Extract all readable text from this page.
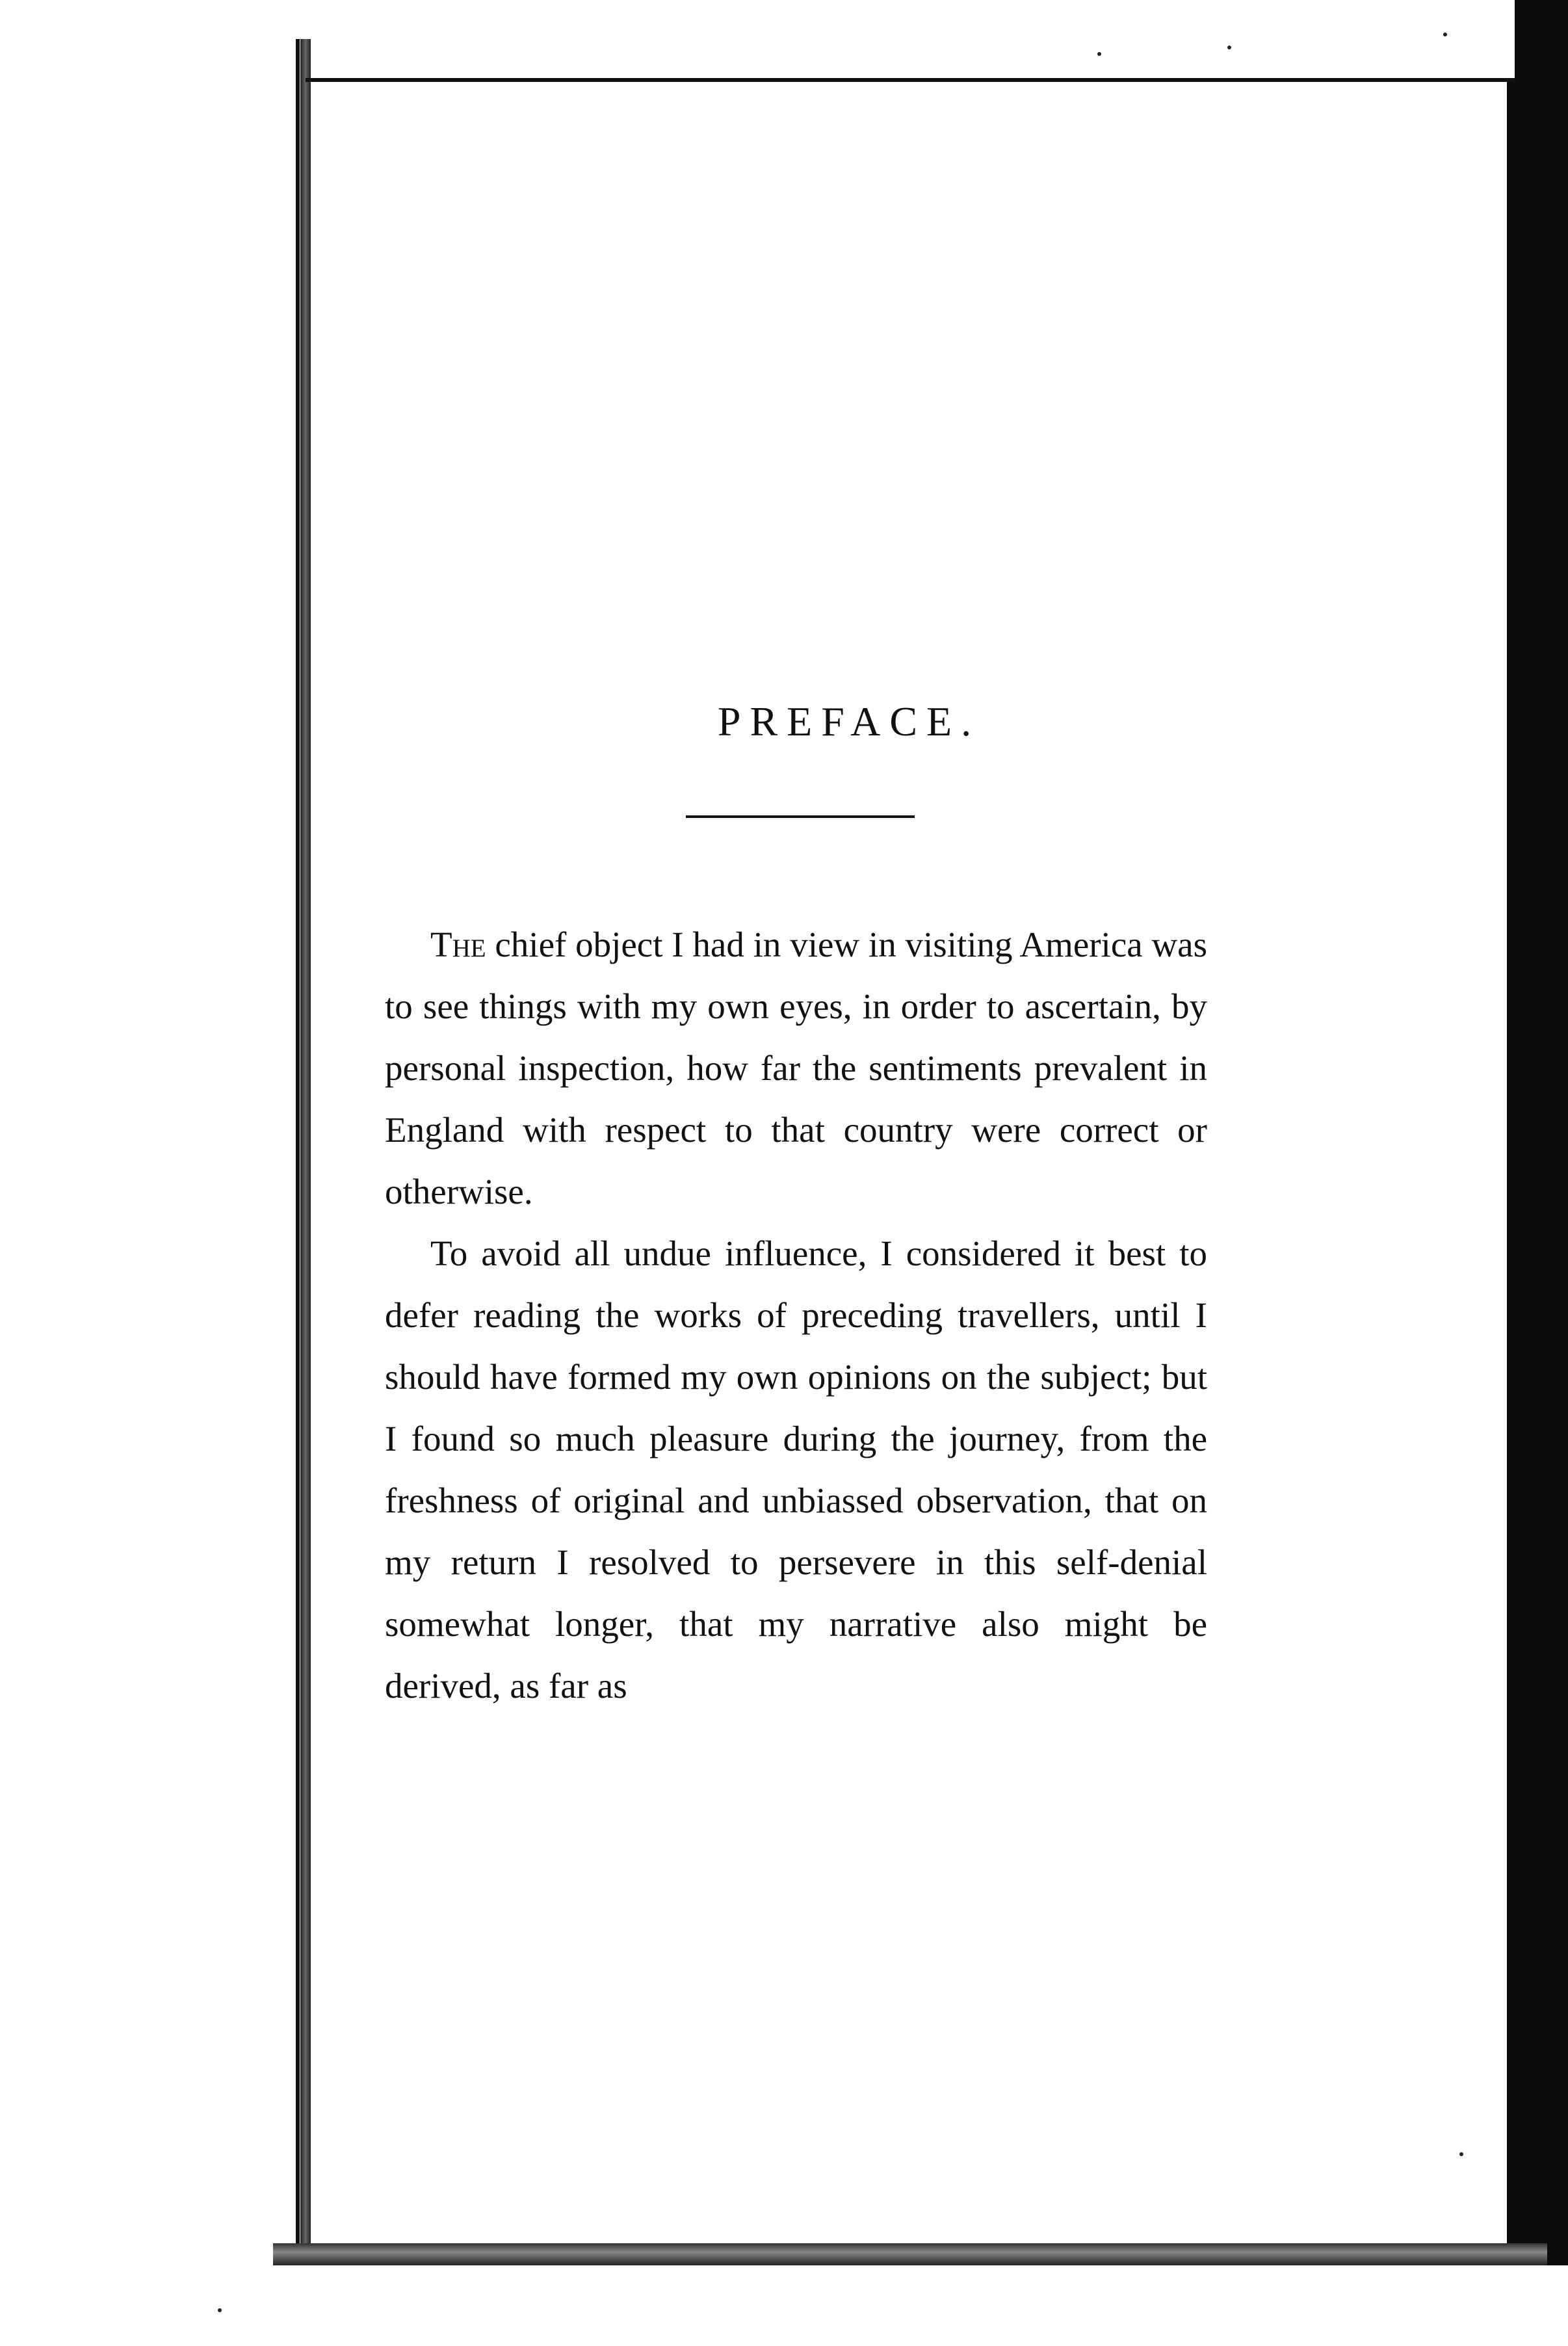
PREFACE.

The chief object I had in view in visiting America was to see things with my own eyes, in order to ascertain, by personal inspection, how far the sentiments prevalent in England with respect to that country were correct or otherwise.

To avoid all undue influence, I considered it best to defer reading the works of preceding travellers, until I should have formed my own opinions on the subject; but I found so much pleasure during the journey, from the freshness of original and unbiassed observation, that on my return I resolved to persevere in this self-denial somewhat longer, that my narrative also might be derived, as far as
